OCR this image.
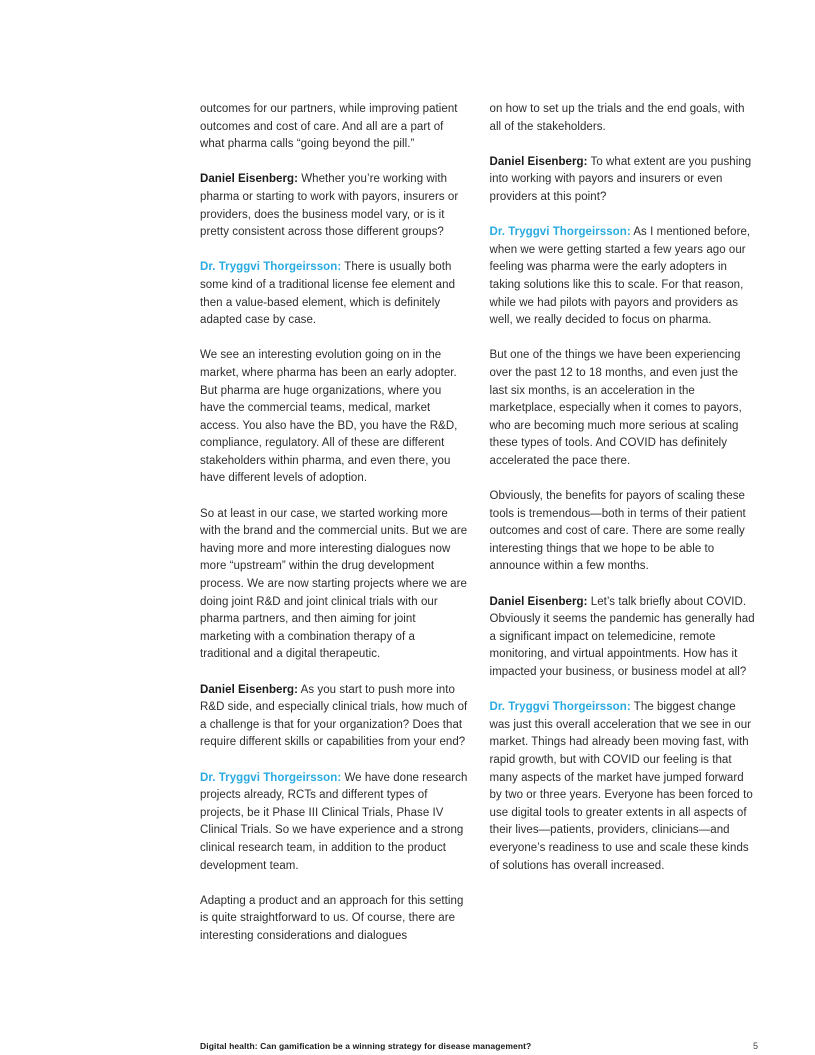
outcomes for our partners, while improving patient outcomes and cost of care. And all are a part of what pharma calls “going beyond the pill.”

Daniel Eisenberg: Whether you’re working with pharma or starting to work with payors, insurers or providers, does the business model vary, or is it pretty consistent across those different groups?

Dr. Tryggvi Thorgeirsson: There is usually both some kind of a traditional license fee element and then a value-based element, which is definitely adapted case by case.

We see an interesting evolution going on in the market, where pharma has been an early adopter. But pharma are huge organizations, where you have the commercial teams, medical, market access. You also have the BD, you have the R&D, compliance, regulatory. All of these are different stakeholders within pharma, and even there, you have different levels of adoption.

So at least in our case, we started working more with the brand and the commercial units. But we are having more and more interesting dialogues now more “upstream” within the drug development process. We are now starting projects where we are doing joint R&D and joint clinical trials with our pharma partners, and then aiming for joint marketing with a combination therapy of a traditional and a digital therapeutic.

Daniel Eisenberg: As you start to push more into R&D side, and especially clinical trials, how much of a challenge is that for your organization? Does that require different skills or capabilities from your end?

Dr. Tryggvi Thorgeirsson: We have done research projects already, RCTs and different types of projects, be it Phase III Clinical Trials, Phase IV Clinical Trials. So we have experience and a strong clinical research team, in addition to the product development team.

Adapting a product and an approach for this setting is quite straightforward to us. Of course, there are interesting considerations and dialogues

on how to set up the trials and the end goals, with all of the stakeholders.

Daniel Eisenberg: To what extent are you pushing into working with payors and insurers or even providers at this point?

Dr. Tryggvi Thorgeirsson: As I mentioned before, when we were getting started a few years ago our feeling was pharma were the early adopters in taking solutions like this to scale. For that reason, while we had pilots with payors and providers as well, we really decided to focus on pharma.

But one of the things we have been experiencing over the past 12 to 18 months, and even just the last six months, is an acceleration in the marketplace, especially when it comes to payors, who are becoming much more serious at scaling these types of tools. And COVID has definitely accelerated the pace there.

Obviously, the benefits for payors of scaling these tools is tremendous—both in terms of their patient outcomes and cost of care. There are some really interesting things that we hope to be able to announce within a few months.

Daniel Eisenberg: Let’s talk briefly about COVID. Obviously it seems the pandemic has generally had a significant impact on telemedicine, remote monitoring, and virtual appointments. How has it impacted your business, or business model at all?

Dr. Tryggvi Thorgeirsson: The biggest change was just this overall acceleration that we see in our market. Things had already been moving fast, with rapid growth, but with COVID our feeling is that many aspects of the market have jumped forward by two or three years. Everyone has been forced to use digital tools to greater extents in all aspects of their lives—patients, providers, clinicians—and everyone’s readiness to use and scale these kinds of solutions has overall increased.

Digital health: Can gamification be a winning strategy for disease management?	5
